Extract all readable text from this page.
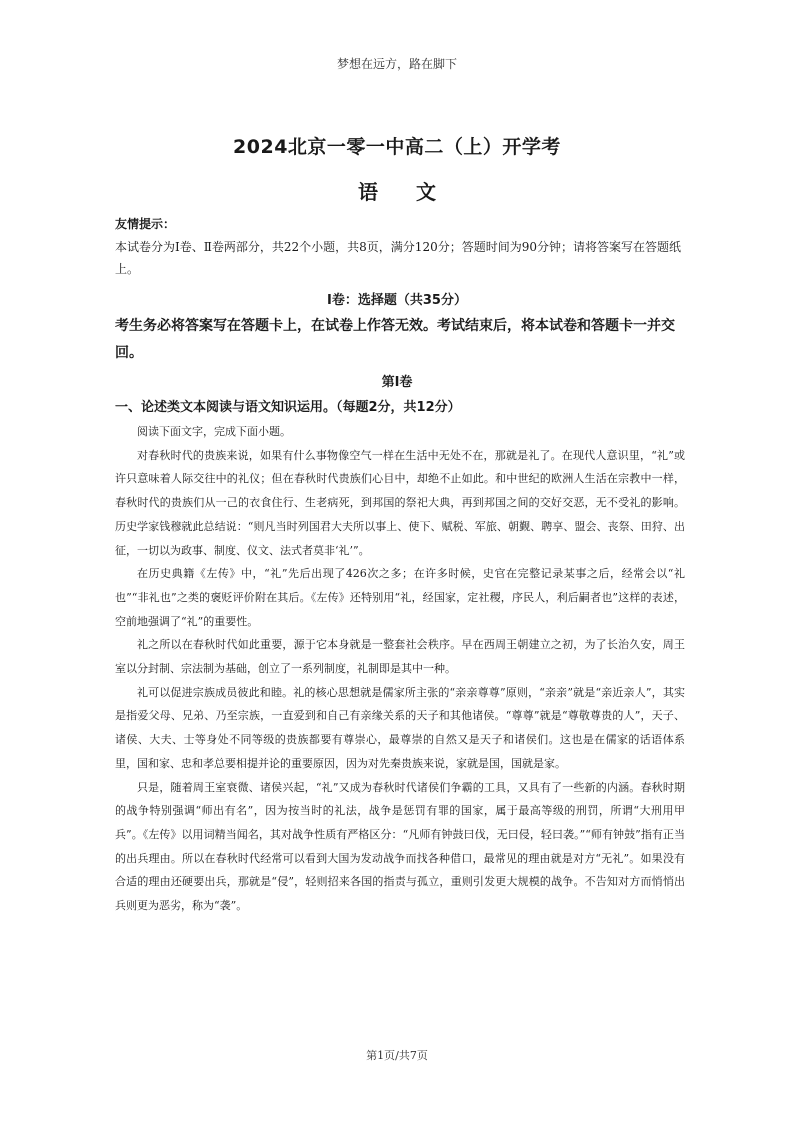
梦想在远方，路在脚下
2024北京一零一中高二（上）开学考
语文
友情提示：
本试卷分为Ⅰ卷、Ⅱ卷两部分，共22个小题，共8页，满分120分；答题时间为90分钟；请将答案写在答题纸上。
Ⅰ卷：选择题（共35分）
考生务必将答案写在答题卡上，在试卷上作答无效。考试结束后，将本试卷和答题卡一并交回。
第Ⅰ卷
一、论述类文本阅读与语文知识运用。（每题2分，共12分）

阅读下面文字，完成下面小题。

对春秋时代的贵族来说，如果有什么事物像空气一样在生活中无处不在，那就是礼了。在现代人意识里，“礼”或许只意味着人际交往中的礼仪；但在春秋时代贵族们心目中，却绝不止如此。和中世纪的欧洲人生活在宗教中一样，春秋时代的贵族们从一己的衣食住行、生老病死，到邦国的祭祀大典，再到邦国之间的交好交恶，无不受礼的影响。历史学家钱穆就此总结说：“则凡当时列国君大夫所以事上、使下、赋税、军旅、朝觐、聘享、盟会、丧祭、田狩、出征，一切以为政事、制度、仪文、法式者莫非‘礼’”。

在历史典籍《左传》中，“礼”先后出现了426次之多；在许多时候，史官在完整记录某事之后，经常会以“礼也”“非礼也”之类的褒贬评价附在其后。《左传》还特别用“礼，经国家，定社稷，序民人，利后嗣者也”这样的表述，空前地强调了“礼”的重要性。

礼之所以在春秋时代如此重要，源于它本身就是一整套社会秩序。早在西周王朝建立之初，为了长治久安，周王室以分封制、宗法制为基础，创立了一系列制度，礼制即是其中一种。

礼可以促进宗族成员彼此和睦。礼的核心思想就是儒家所主张的“亲亲尊尊”原则，“亲亲”就是“亲近亲人”，其实是指爱父母、兄弟、乃至宗族，一直爱到和自己有亲缘关系的天子和其他诸侯。“尊尊”就是“尊敬尊贵的人”，天子、诸侯、大夫、士等身处不同等级的贵族都要有尊崇心，最尊崇的自然又是天子和诸侯们。这也是在儒家的话语体系里，国和家、忠和孝总要相提并论的重要原因，因为对先秦贵族来说，家就是国，国就是家。

只是，随着周王室衰微、诸侯兴起，“礼”又成为春秋时代诸侯们争霸的工具，又具有了一些新的内涵。春秋时期的战争特别强调“师出有名”，因为按当时的礼法，战争是惩罚有罪的国家，属于最高等级的刑罚，所谓“大刑用甲兵”。《左传》以用词精当闻名，其对战争性质有严格区分：“凡师有钟鼓曰伐，无曰侵，轻曰袭。”“师有钟鼓”指有正当的出兵理由。所以在春秋时代经常可以看到大国为发动战争而找各种借口，最常见的理由就是对方“无礼”。如果没有合适的理由还硬要出兵，那就是“侵”，轻则招来各国的指责与孤立，重则引发更大规模的战争。不告知对方而悄悄出兵则更为恶劣，称为“袭”。

第1页/共7页
